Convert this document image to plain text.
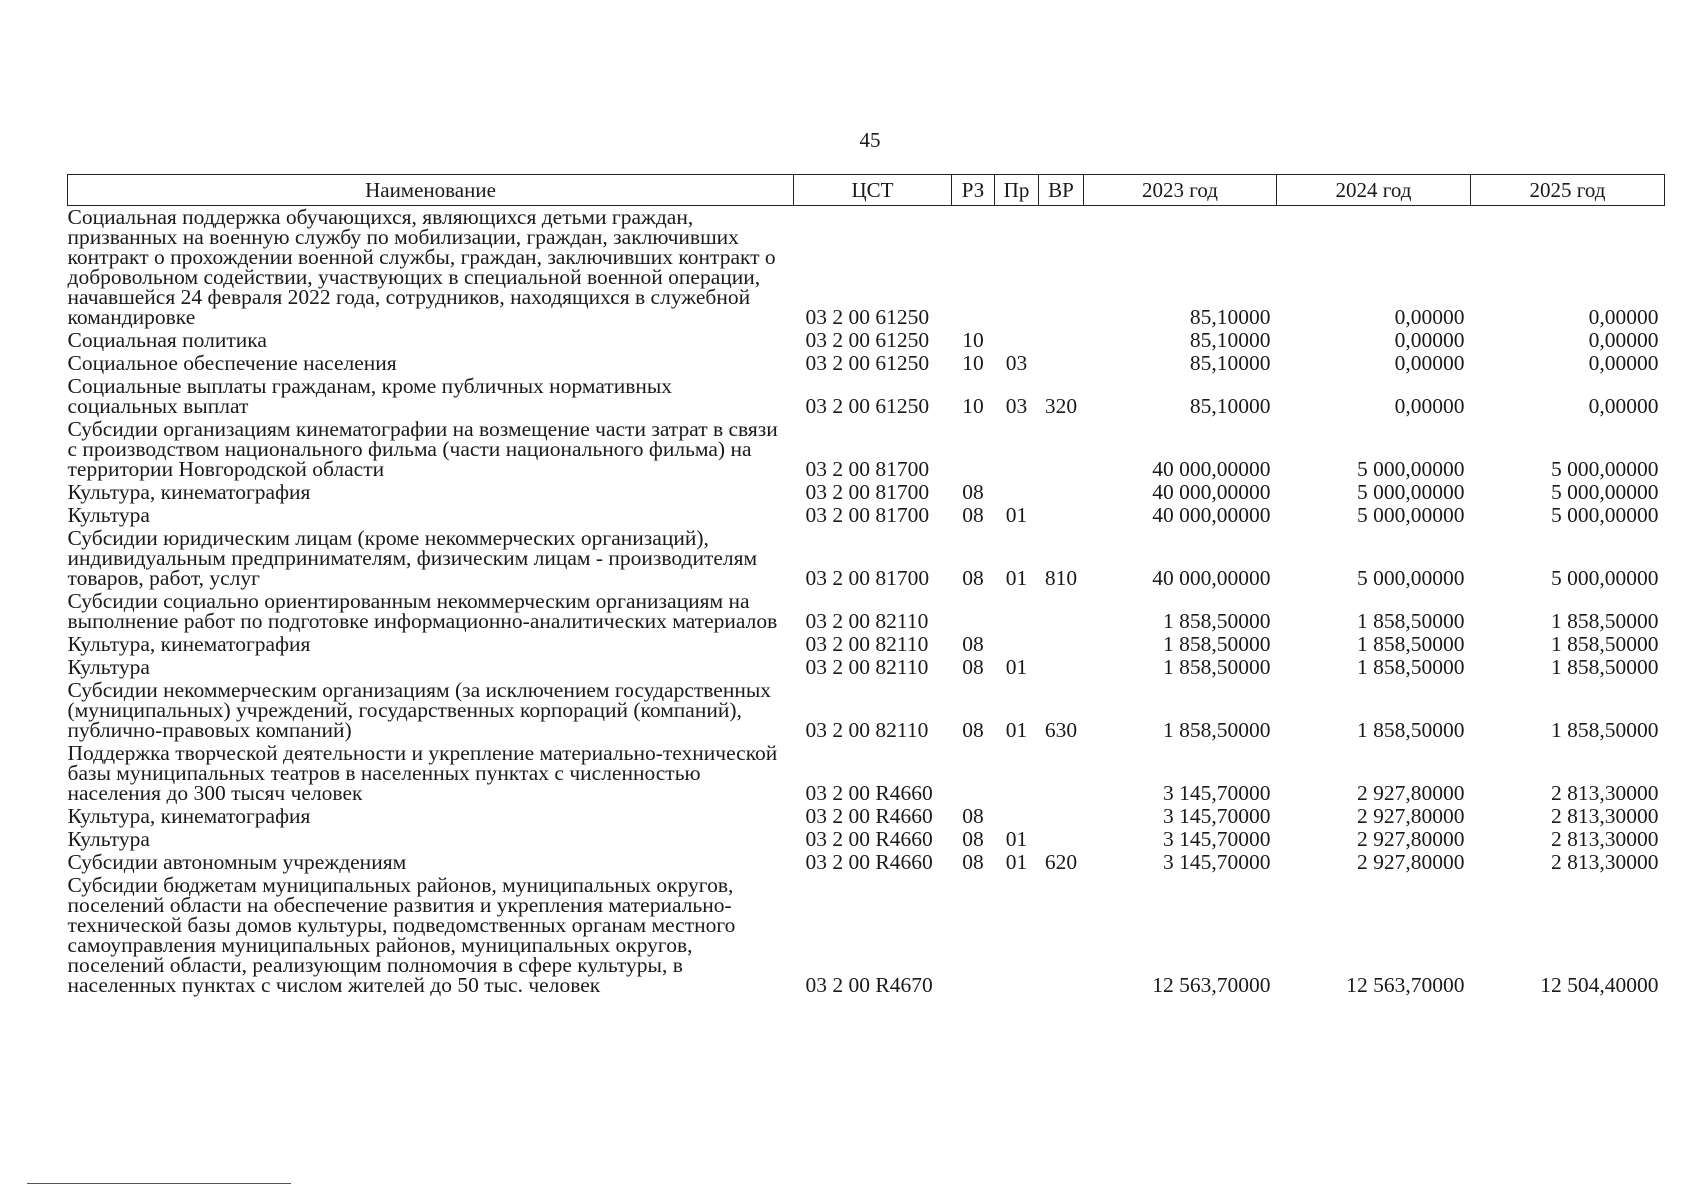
45
Наименование	ЦСТ	РЗ	Пр	ВР	2023 год	2024 год	2025 год
Социальная поддержка обучающихся, являющихся детьми граждан, призванных на военную службу по мобилизации, граждан, заключивших контракт о прохождении военной службы, граждан, заключивших контракт о добровольном содействии, участвующих в специальной военной операции, начавшейся 24 февраля 2022 года, сотрудников, находящихся в служебной командировке	03 2 00 61250				85,10000	0,00000	0,00000
Социальная политика	03 2 00 61250	10			85,10000	0,00000	0,00000
Социальное обеспечение населения	03 2 00 61250	10	03		85,10000	0,00000	0,00000
Социальные выплаты гражданам, кроме публичных нормативных социальных выплат	03 2 00 61250	10	03	320	85,10000	0,00000	0,00000
Субсидии организациям кинематографии на возмещение части затрат в связи с производством национального фильма (части национального фильма) на территории Новгородской области	03 2 00 81700				40 000,00000	5 000,00000	5 000,00000
Культура, кинематография	03 2 00 81700	08			40 000,00000	5 000,00000	5 000,00000
Культура	03 2 00 81700	08	01		40 000,00000	5 000,00000	5 000,00000
Субсидии юридическим лицам (кроме некоммерческих организаций), индивидуальным предпринимателям, физическим лицам - производителям товаров, работ, услуг	03 2 00 81700	08	01	810	40 000,00000	5 000,00000	5 000,00000
Субсидии социально ориентированным некоммерческим организациям на выполнение работ по подготовке информационно-аналитических материалов	03 2 00 82110				1 858,50000	1 858,50000	1 858,50000
Культура, кинематография	03 2 00 82110	08			1 858,50000	1 858,50000	1 858,50000
Культура	03 2 00 82110	08	01		1 858,50000	1 858,50000	1 858,50000
Субсидии некоммерческим организациям (за исключением государственных (муниципальных) учреждений, государственных корпораций (компаний), публично-правовых компаний)	03 2 00 82110	08	01	630	1 858,50000	1 858,50000	1 858,50000
Поддержка творческой деятельности и укрепление материально-технической базы муниципальных театров в населенных пунктах с численностью населения до 300 тысяч человек	03 2 00 R4660				3 145,70000	2 927,80000	2 813,30000
Культура, кинематография	03 2 00 R4660	08			3 145,70000	2 927,80000	2 813,30000
Культура	03 2 00 R4660	08	01		3 145,70000	2 927,80000	2 813,30000
Субсидии автономным учреждениям	03 2 00 R4660	08	01	620	3 145,70000	2 927,80000	2 813,30000
Субсидии бюджетам муниципальных районов, муниципальных округов, поселений области на обеспечение развития и укрепления материально-технической базы домов культуры, подведомственных органам местного самоуправления муниципальных районов, муниципальных округов, поселений области, реализующим полномочия в сфере культуры, в населенных пунктах с числом жителей до 50 тыс. человек	03 2 00 R4670				12 563,70000	12 563,70000	12 504,40000
